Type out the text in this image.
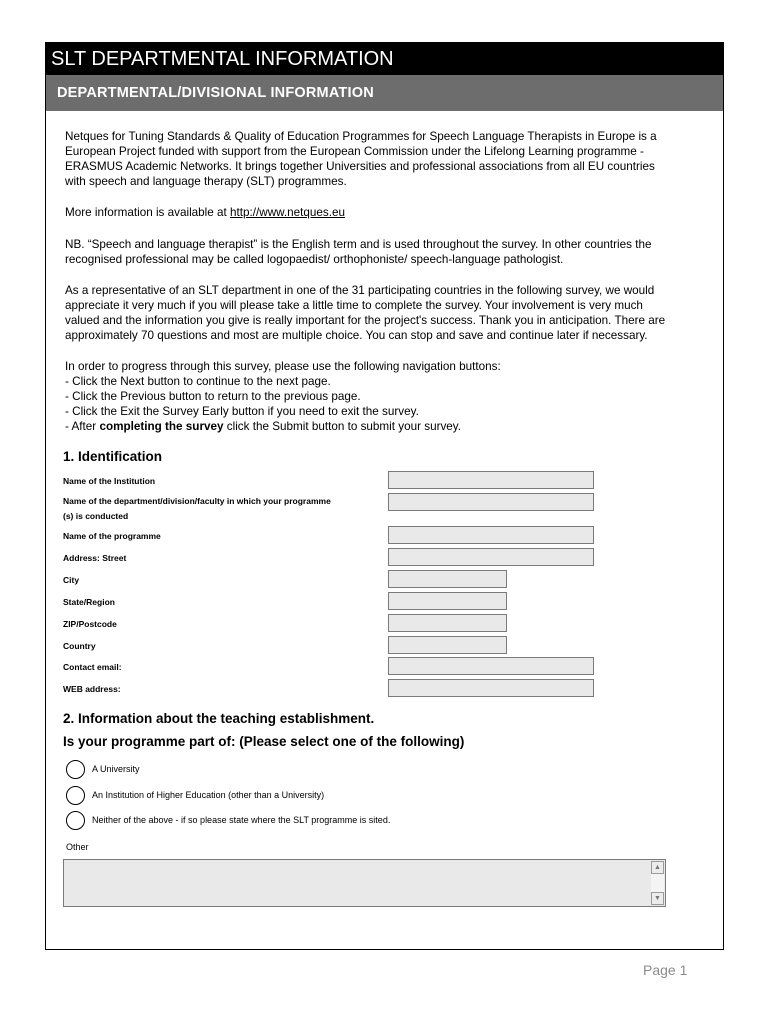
SLT DEPARTMENTAL INFORMATION
DEPARTMENTAL/DIVISIONAL INFORMATION
Netques for Tuning Standards & Quality of Education Programmes for Speech Language Therapists in Europe is a
European Project funded with support from the European Commission under the Lifelong Learning programme -
ERASMUS Academic Networks. It brings together Universities and professional associations from all EU countries
with speech and language therapy (SLT) programmes.
More information is available at http://www.netques.eu
NB. “Speech and language therapist” is the English term and is used throughout the survey. In other countries the
recognised professional may be called logopaedist/ orthophoniste/ speech-language pathologist.
As a representative of an SLT department in one of the 31 participating countries in the following survey, we would
appreciate it very much if you will please take a little time to complete the survey. Your involvement is very much
valued and the information you give is really important for the project's success. Thank you in anticipation. There are
approximately 70 questions and most are multiple choice. You can stop and save and continue later if necessary.
In order to progress through this survey, please use the following navigation buttons:
- Click the Next button to continue to the next page.
- Click the Previous button to return to the previous page.
- Click the Exit the Survey Early button if you need to exit the survey.
- After completing the survey click the Submit button to submit your survey.
1. Identification
Name of the Institution
Name of the department/division/faculty in which your programme
(s) is conducted
Name of the programme
Address: Street
City
State/Region
ZIP/Postcode
Country
Contact email:
WEB address:
2. Information about the teaching establishment.
Is your programme part of: (Please select one of the following)
A University
An Institution of Higher Education (other than a University)
Neither of the above - if so please state where the SLT programme is sited.
Other
▲
▼
Page 1
